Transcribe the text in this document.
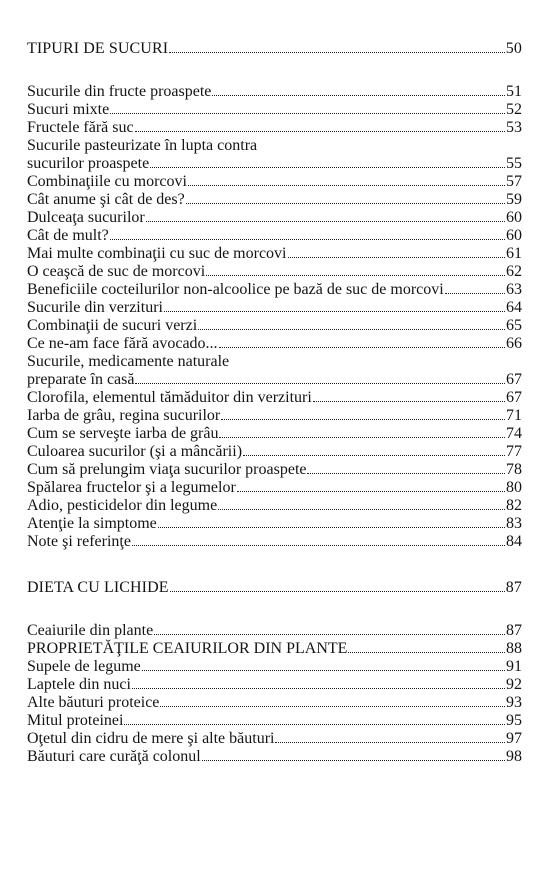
TIPURI DE SUCURI	50
Sucurile din fructe proaspete	51
Sucuri mixte	52
Fructele fără suc	53
Sucurile pasteurizate în lupta contra
sucurilor proaspete	55
Combinaţiile cu morcovi	57
Cât anume şi cât de des?	59
Dulceaţa sucurilor	60
Cât de mult?	60
Mai multe combinaţii cu suc de morcovi	61
O ceaşcă de suc de morcovi	62
Beneficiile cocteilurilor non-alcoolice pe bază de suc de morcovi	63
Sucurile din verzituri	64
Combinaţii de sucuri verzi	65
Ce ne-am face fără avocado...	66
Sucurile, medicamente naturale
preparate în casă	67
Clorofila, elementul tămăduitor din verzituri	67
Iarba de grâu, regina sucurilor	71
Cum se serveşte iarba de grâu	74
Culoarea sucurilor (şi a mâncării)	77
Cum să prelungim viaţa sucurilor proaspete	78
Spălarea fructelor şi a legumelor	80
Adio, pesticidelor din legume	82
Atenţie la simptome	83
Note şi referinţe	84
DIETA CU LICHIDE	87
Ceaiurile din plante	87
PROPRIETĂŢILE CEAIURILOR DIN PLANTE	88
Supele de legume	91
Laptele din nuci	92
Alte băuturi proteice	93
Mitul proteinei	95
Oţetul din cidru de mere şi alte băuturi	97
Băuturi care curăţă colonul	98
